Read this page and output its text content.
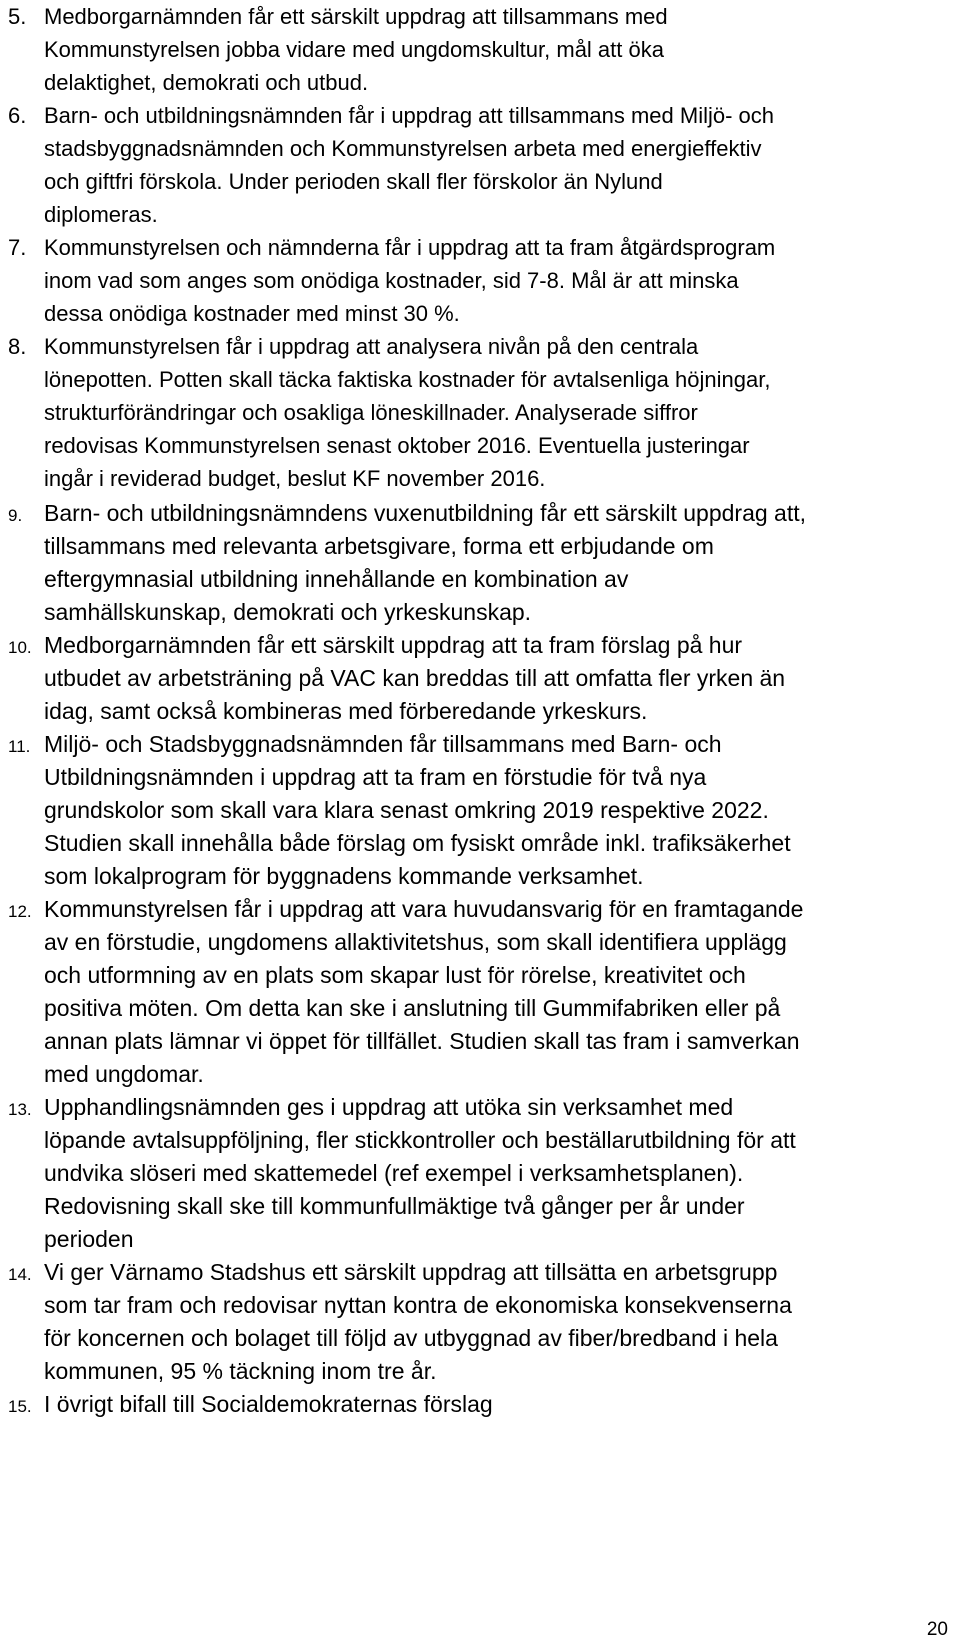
5. Medborgarnämnden får ett särskilt uppdrag att tillsammans med
Kommunstyrelsen jobba vidare med ungdomskultur, mål att öka
delaktighet, demokrati och utbud.
6. Barn- och utbildningsnämnden får i uppdrag att tillsammans med Miljö- och
stadsbyggnadsnämnden och Kommunstyrelsen arbeta med energieffektiv
och giftfri förskola. Under perioden skall fler förskolor än Nylund
diplomeras.
7. Kommunstyrelsen och nämnderna får i uppdrag att ta fram åtgärdsprogram
inom vad som anges som onödiga kostnader, sid 7-8. Mål är att minska
dessa onödiga kostnader med minst 30 %.
8. Kommunstyrelsen får i uppdrag att analysera nivån på den centrala
lönepotten. Potten skall täcka faktiska kostnader för avtalsenliga höjningar,
strukturförändringar och osakliga löneskillnader. Analyserade siffror
redovisas Kommunstyrelsen senast oktober 2016. Eventuella justeringar
ingår i reviderad budget, beslut KF november 2016.
9. Barn- och utbildningsnämndens vuxenutbildning får ett särskilt uppdrag att,
tillsammans med relevanta arbetsgivare, forma ett erbjudande om
eftergymnasial utbildning innehållande en kombination av
samhällskunskap, demokrati och yrkeskunskap.
10. Medborgarnämnden får ett särskilt uppdrag att ta fram förslag på hur
utbudet av arbetsträning på VAC kan breddas till att omfatta fler yrken än
idag, samt också kombineras med förberedande yrkeskurs.
11. Miljö- och Stadsbyggnadsnämnden får tillsammans med Barn- och
Utbildningsnämnden i uppdrag att ta fram en förstudie för två nya
grundskolor som skall vara klara senast omkring 2019 respektive 2022.
Studien skall innehålla både förslag om fysiskt område inkl. trafiksäkerhet
som lokalprogram för byggnadens kommande verksamhet.
12. Kommunstyrelsen får i uppdrag att vara huvudansvarig för en framtagande
av en förstudie, ungdomens allaktivitetshus, som skall identifiera upplägg
och utformning av en plats som skapar lust för rörelse, kreativitet och
positiva möten. Om detta kan ske i anslutning till Gummifabriken eller på
annan plats lämnar vi öppet för tillfället. Studien skall tas fram i samverkan
med ungdomar.
13. Upphandlingsnämnden ges i uppdrag att utöka sin verksamhet med
löpande avtalsuppföljning, fler stickkontroller och beställarutbildning för att
undvika slöseri med skattemedel (ref exempel i verksamhetsplanen).
Redovisning skall ske till kommunfullmäktige två gånger per år under
perioden
14. Vi ger Värnamo Stadshus ett särskilt uppdrag att tillsätta en arbetsgrupp
som tar fram och redovisar nyttan kontra de ekonomiska konsekvenserna
för koncernen och bolaget till följd av utbyggnad av fiber/bredband i hela
kommunen, 95 % täckning inom tre år.
15. I övrigt bifall till Socialdemokraternas förslag
20
